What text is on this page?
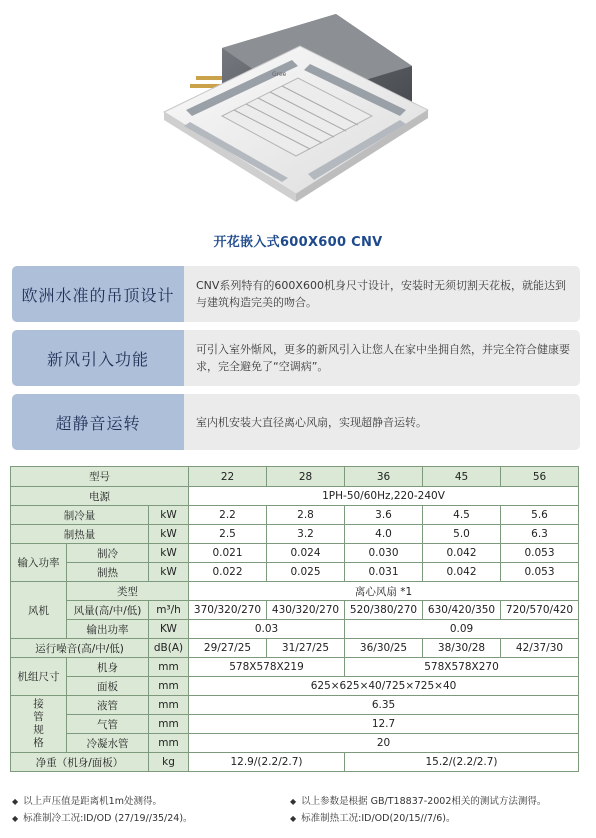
Gree
开花嵌入式600X600 CNV
欧洲水准的吊顶设计	CNV系列特有的600X600机身尺寸设计，安装时无须切割天花板，就能达到与建筑构造完美的吻合。
新风引入功能	可引入室外惭风，更多的新风引入让您人在家中坐拥自然，并完全符合健康要求，完全避免了“空调病”。
超静音运转	室内机安装大直径离心风扇，实现超静音运转。
型号			22	28	36	45	56
电源			1PH-50/60Hz,220-240V				
制冷量		kW	2.2	2.8	3.6	4.5	5.6
制热量		kW	2.5	3.2	4.0	5.0	6.3
输入功率	制冷	kW	0.021	0.024	0.030	0.042	0.053
	制热	kW	0.022	0.025	0.031	0.042	0.053
风机	类型		离心风扇 *1				
	风量(高/中/低)	m³/h	370/320/270	430/320/270	520/380/270	630/420/350	720/570/420
	输出功率	KW	0.03		0.09		
运行噪音(高/中/低)		dB(A)	29/27/25	31/27/25	36/30/25	38/30/28	42/37/30
机组尺寸	机身	mm	578X578X219		578X578X270		
	面板	mm	625×625×40/725×725×40				
接管规格	液管	mm	6.35				
	气管	mm	12.7				
	冷凝水管	mm	20				
净重（机身/面板）		kg	12.9/(2.2/2.7)		15.2/(2.2/2.7)		
◆ 以上声压值是距离机1m处测得。	◆ 以上参数是根据 GB/T18837-2002相关的测试方法测得。
◆ 标准制冷工况:ID/OD (27/19//35/24)。	◆ 标准制热工况:ID/OD(20/15//7/6)。
